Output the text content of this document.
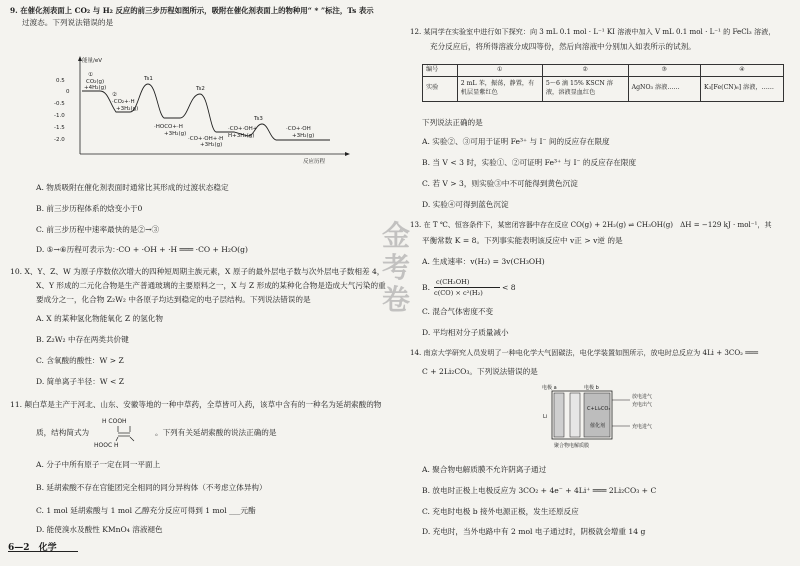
9. 在催化剂表面上 CO₂ 与 H₂ 反应的前三步历程如图所示，吸附在催化剂表面上的物种用“ * ”标注，Ts 表示
过渡态。下列说法错误的是
能量/eV
0.5
0
-0.5
-1.0
-1.5
-2.0
反应历程
①
CO₂(g)
+4H₂(g)
②
·CO₂+·H
+3H₂(g)
Ts1
Ts2
·HOCO+·H
+3H₂(g)
·CO+·OH+·H
+3H₂(g)
Ts3
·CO+·OH+
H+3H₂(g)
·CO+·OH
+3H₂(g)
A. 物质吸附在催化剂表面时通常比其形成的过渡状态稳定
B. 前三步历程体系的焓变小于0
C. 前三步历程中速率最快的是②→③
D. ⑤→⑥历程可表示为：·CO + ·OH + ·H ═══ ·CO + H₂O(g)
10. X、Y、Z、W 为原子序数依次增大的四种短周期主族元素，X 原子的最外层电子数与次外层电子数相差 4，
X、Y 形成的二元化合物是生产普通玻璃的主要原料之一，X 与 Z 形成的某种化合物是造成大气污染的重
要成分之一，化合物 Z₂W₂ 中各原子均达到稳定的电子层结构。下列说法错误的是
A. X 的某种氢化物能氧化 Z 的氢化物
B. Z₂W₂ 中存在两类共价键
C. 含氧酸的酸性：W > Z
D. 简单离子半径：W < Z
11. 颠白草是主产于河北、山东、安徽等地的一种中草药，全草皆可入药，该草中含有的一种名为延胡索酸的物
质，结构简式为
H COOH
HOOC H
。下列有关延胡索酸的说法正确的是
A. 分子中所有原子一定在同一平面上
B. 延胡索酸不存在官能团完全相同的同分异构体（不考虑立体异构）
C. 1 mol 延胡索酸与 1 mol 乙醇充分反应可得到 1 mol ___元酯
D. 能使溴水及酸性 KMnO₄ 溶液褪色
6—2 化学
金考卷
12. 某同学在实验室中进行如下探究：向 3 mL 0.1 mol · L⁻¹ KI 溶液中加入 V mL 0.1 mol · L⁻¹ 的 FeCl₃ 溶液，
充分反应后，将所得溶液分成四等份，然后向溶液中分别加入如表所示的试剂。
编号	①	②	③	④
实验	2 mL 苯，振荡，静置，有机层显紫红色	5～6 滴 15% KSCN 溶液，溶液显血红色	AgNO₃ 溶液……	K₃[Fe(CN)₆] 溶液，……
下列说法正确的是
A. 实验②、③可用于证明 Fe³⁺ 与 I⁻ 间的反应存在限度
B. 当 V < 3 时，实验①、②可证明 Fe³⁺ 与 I⁻ 的反应存在限度
C. 若 V > 3，则实验③中不可能得到黄色沉淀
D. 实验④可得到蓝色沉淀
13. 在 T ℃、恒容条件下，某密闭容器中存在反应 CO(g) + 2H₂(g) ⇌ CH₃OH(g)　ΔH = −129 kJ · mol⁻¹，其
平衡常数 K = 8。下列事实能表明该反应中 v正 > v逆 的是
A. 生成速率：v(H₂) = 3v(CH₃OH)
B.
c(CH₃OH)
c(CO) × c²(H₂)
< 8
C. 混合气体密度不变
D. 平均相对分子质量减小
14. 南京大学研究人员发明了一种电化学大气固碳法，电化学装置如图所示，放电时总反应为 4Li + 3CO₂ ═══
C + 2Li₂CO₃。下列说法错误的是
电极 a	电极 b
Li
C+Li₂CO₃
催化剂
放电进气
充电出气
充电进气
聚合物电解质膜
A. 聚合物电解质膜不允许阴离子通过
B. 放电时正极上电极反应为 3CO₂ + 4e⁻ + 4Li⁺ ═══ 2Li₂CO₃ + C
C. 充电时电极 b 接外电源正极，发生还原反应
D. 充电时，当外电路中有 2 mol 电子通过时，阴极就会增重 14 g
